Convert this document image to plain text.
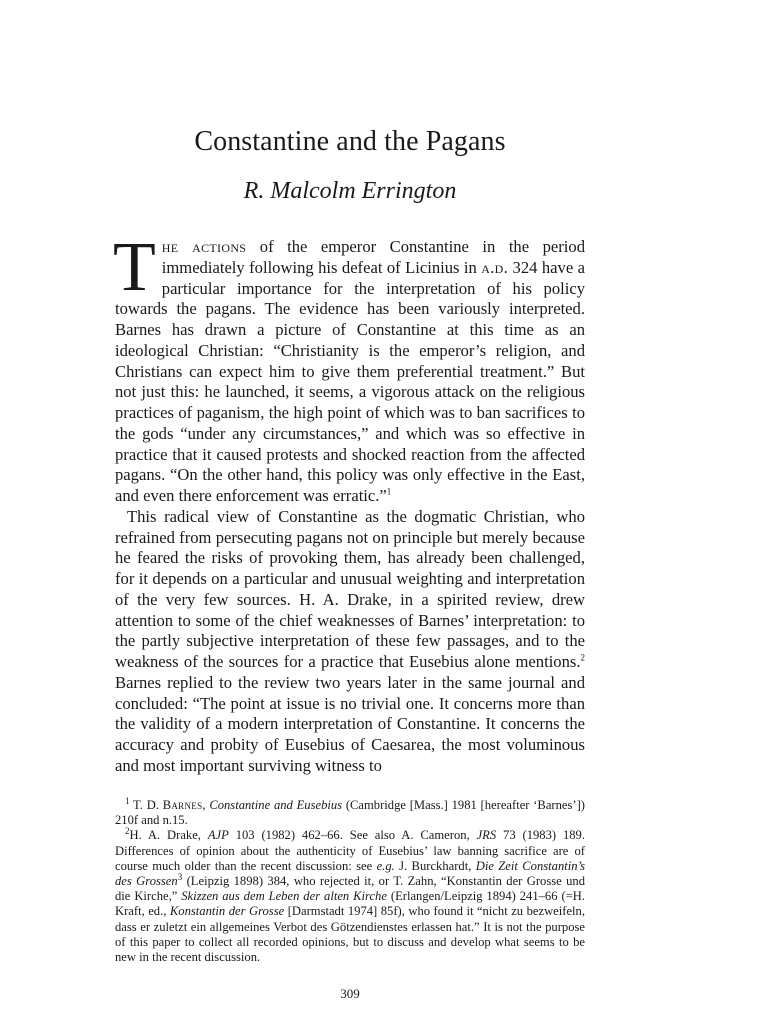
Constantine and the Pagans
R. Malcolm Errington

The actions of the emperor Constantine in the period immediately following his defeat of Licinius in a.d. 324 have a particular importance for the interpretation of his policy towards the pagans. The evidence has been variously interpreted. Barnes has drawn a picture of Constantine at this time as an ideological Christian: “Christianity is the emperor’s religion, and Christians can expect him to give them preferential treatment.” But not just this: he launched, it seems, a vigorous attack on the religious practices of paganism, the high point of which was to ban sacrifices to the gods “under any circumstances,” and which was so effective in practice that it caused protests and shocked reaction from the affected pagans. “On the other hand, this policy was only effective in the East, and even there enforcement was erratic.”$^1$

This radical view of Constantine as the dogmatic Christian, who refrained from persecuting pagans not on principle but merely because he feared the risks of provoking them, has already been challenged, for it depends on a particular and unusual weighting and interpretation of the very few sources. H. A. Drake, in a spirited review, drew attention to some of the chief weaknesses of Barnes’ interpretation: to the partly subjective interpretation of these few passages, and to the weakness of the sources for a practice that Eusebius alone mentions.$^2$ Barnes replied to the review two years later in the same journal and concluded: “The point at issue is no trivial one. It concerns more than the validity of a modern interpretation of Constantine. It concerns the accuracy and probity of Eusebius of Caesarea, the most voluminous and most important surviving witness to

$^1$ T. D. Barnes, Constantine and Eusebius (Cambridge [Mass.] 1981 [hereafter ‘Barnes’]) 210f and n.15.

$^2$H. A. Drake, AJP 103 (1982) 462–66. See also A. Cameron, JRS 73 (1983) 189. Differences of opinion about the authenticity of Eusebius’ law banning sacrifice are of course much older than the recent discussion: see e.g. J. Burckhardt, Die Zeit Constantin’s des Grossen$^3$ (Leipzig 1898) 384, who rejected it, or T. Zahn, “Konstantin der Grosse und die Kirche,” Skizzen aus dem Leben der alten Kirche (Erlangen/Leipzig 1894) 241–66 (=H. Kraft, ed., Konstantin der Grosse [Darmstadt 1974] 85f), who found it “nicht zu bezweifeln, dass er zuletzt ein allgemeines Verbot des Götzendienstes erlassen hat.” It is not the purpose of this paper to collect all recorded opinions, but to discuss and develop what seems to be new in the recent discussion.

309
